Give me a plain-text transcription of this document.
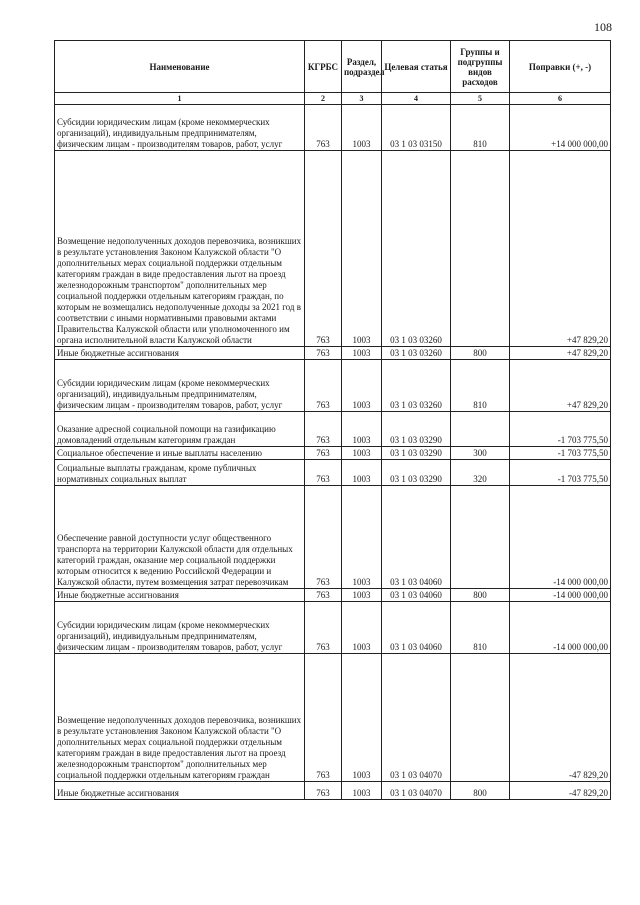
108
Наименование	КГРБС	Раздел, подраздел	Целевая статья	Группы и подгруппы видов расходов	Поправки (+, -)
1	2	3	4	5	6
Субсидии юридическим лицам (кроме некоммерческих организаций), индивидуальным предпринимателям, физическим лицам - производителям товаров, работ, услуг	763	1003	03 1 03 03150	810	+14 000 000,00
Возмещение недополученных доходов перевозчика, возникших в результате установления Законом Калужской области "О дополнительных мерах социальной поддержки отдельным категориям граждан в виде предоставления льгот на проезд железнодорожным транспортом" дополнительных мер социальной поддержки отдельным категориям граждан, по которым не возмещались недополученные доходы за 2021 год в соответствии с иными нормативными правовыми актами Правительства Калужской области или уполномоченного им органа исполнительной власти Калужской области	763	1003	03 1 03 03260		+47 829,20
Иные бюджетные ассигнования	763	1003	03 1 03 03260	800	+47 829,20
Субсидии юридическим лицам (кроме некоммерческих организаций), индивидуальным предпринимателям, физическим лицам - производителям товаров, работ, услуг	763	1003	03 1 03 03260	810	+47 829,20
Оказание адресной социальной помощи на газификацию домовладений отдельным категориям граждан	763	1003	03 1 03 03290		-1 703 775,50
Социальное обеспечение и иные выплаты населению	763	1003	03 1 03 03290	300	-1 703 775,50
Социальные выплаты гражданам, кроме публичных нормативных социальных выплат	763	1003	03 1 03 03290	320	-1 703 775,50
Обеспечение равной доступности услуг общественного транспорта на территории Калужской области для отдельных категорий граждан, оказание мер социальной поддержки которым относится к ведению Российской Федерации и Калужской области, путем возмещения затрат перевозчикам	763	1003	03 1 03 04060		-14 000 000,00
Иные бюджетные ассигнования	763	1003	03 1 03 04060	800	-14 000 000,00
Субсидии юридическим лицам (кроме некоммерческих организаций), индивидуальным предпринимателям, физическим лицам - производителям товаров, работ, услуг	763	1003	03 1 03 04060	810	-14 000 000,00
Возмещение недополученных доходов перевозчика, возникших в результате установления Законом Калужской области "О дополнительных мерах социальной поддержки отдельным категориям граждан в виде предоставления льгот на проезд железнодорожным транспортом" дополнительных мер социальной поддержки отдельным категориям граждан	763	1003	03 1 03 04070		-47 829,20
Иные бюджетные ассигнования	763	1003	03 1 03 04070	800	-47 829,20
